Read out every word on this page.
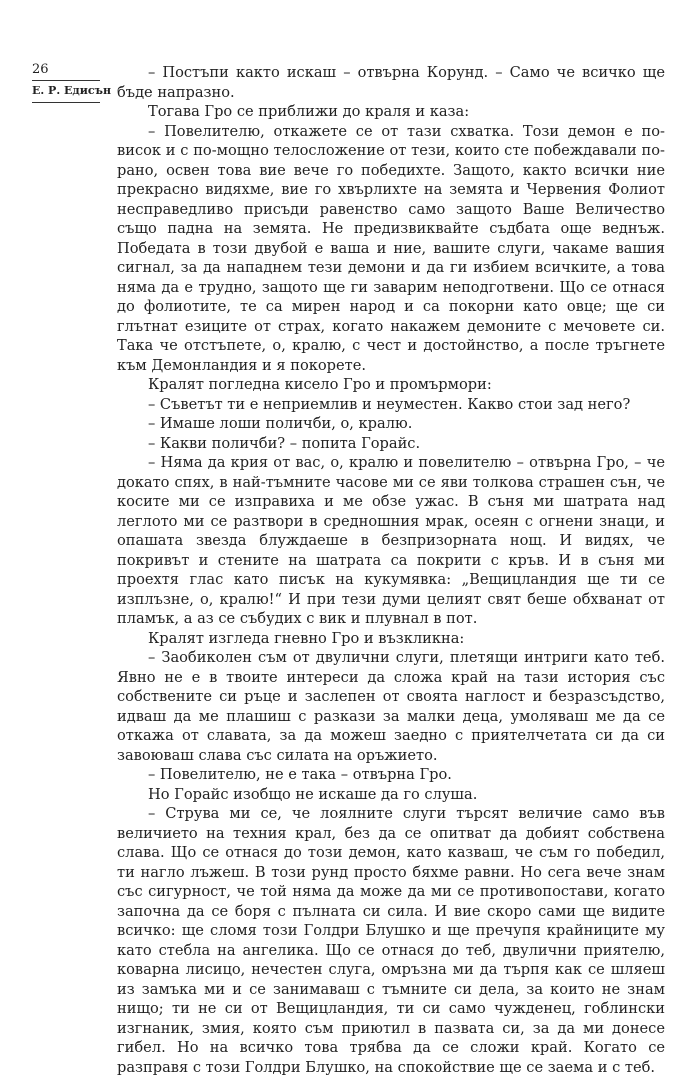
26
Е. Р. Едисън

– Постъпи както искаш – отвърна Корунд. – Само че всичко ще бъде напразно.

Тогава Гро се приближи до краля и каза:

– Повелителю, откажете се от тази схватка. Този демон е по-висок и с по-мощно телосложение от тези, които сте побеждавали по-рано, освен това вие вече го победихте. Защото, както всички ние прекрасно видяхме, вие го хвърлихте на земята и Червения Фолиот несправедливо присъди равенство само защото Ваше Величество също падна на земята. Не предизвиквайте съдбата още веднъж. Победата в този двубой е ваша и ние, вашите слуги, чакаме вашия сигнал, за да нападнем тези демони и да ги избием всичките, а това няма да е трудно, защото ще ги заварим неподготвени. Що се отнася до фолиотите, те са мирен народ и са покорни като овце; ще си глътнат езиците от страх, когато накажем демоните с мечовете си. Така че отстъпете, о, кралю, с чест и достойнство, а после тръгнете към Демонландия и я покорете.

Кралят погледна кисело Гро и промърмори:

– Съветът ти е неприемлив и неуместен. Какво стои зад него?

– Имаше лоши поличби, о, кралю.

– Какви поличби? – попита Горайс.

– Няма да крия от вас, о, кралю и повелителю – отвърна Гро, – че докато спях, в най-тъмните часове ми се яви толкова страшен сън, че косите ми се изправиха и ме обзе ужас. В съня ми шатрата над леглото ми се разтвори в средношния мрак, осеян с огнени знаци, и опашата звезда блуждаеше в безпризорната нощ. И видях, че покривът и стените на шатрата са покрити с кръв. И в съня ми проехтя глас като писък на кукумявка: „Вещицландия ще ти се изплъзне, о, кралю!“ И при тези думи целият свят беше обхванат от пламък, а аз се събудих с вик и плувнал в пот.

Кралят изгледа гневно Гро и възкликна:

– Заобиколен съм от двулични слуги, плетящи интриги като теб. Явно не е в твоите интереси да сложа край на тази история със собствените си ръце и заслепен от своята наглост и безразсъдство, идваш да ме плашиш с разкази за малки деца, умоляваш ме да се откажа от славата, за да можеш заедно с приятелчетата си да си завоюваш слава със силата на оръжието.

– Повелителю, не е така – отвърна Гро.

Но Горайс изобщо не искаше да го слуша.

– Струва ми се, че лоялните слуги търсят величие само във величието на техния крал, без да се опитват да добият собствена слава. Що се отнася до този демон, като казваш, че съм го победил, ти нагло лъжеш. В този рунд просто бяхме равни. Но сега вече знам със сигурност, че той няма да може да ми се противопостави, когато започна да се боря с пълната си сила. И вие скоро сами ще видите всичко: ще сломя този Голдри Блушко и ще пречупя крайниците му като стебла на ангелика. Що се отнася до теб, двулични приятелю, коварна лисицо, нечестен слуга, омръзна ми да търпя как се шляеш из замъка ми и се занимаваш с тъмните си дела, за които не знам нищо; ти не си от Вещицландия, ти си само чужденец, гоблински изгнаник, змия, която съм приютил в пазвата си, за да ми донесе гибел. Но на всичко това трябва да се сложи край. Когато се разправя с този Голдри Блушко, на спокойствие ще се заема и с теб.
